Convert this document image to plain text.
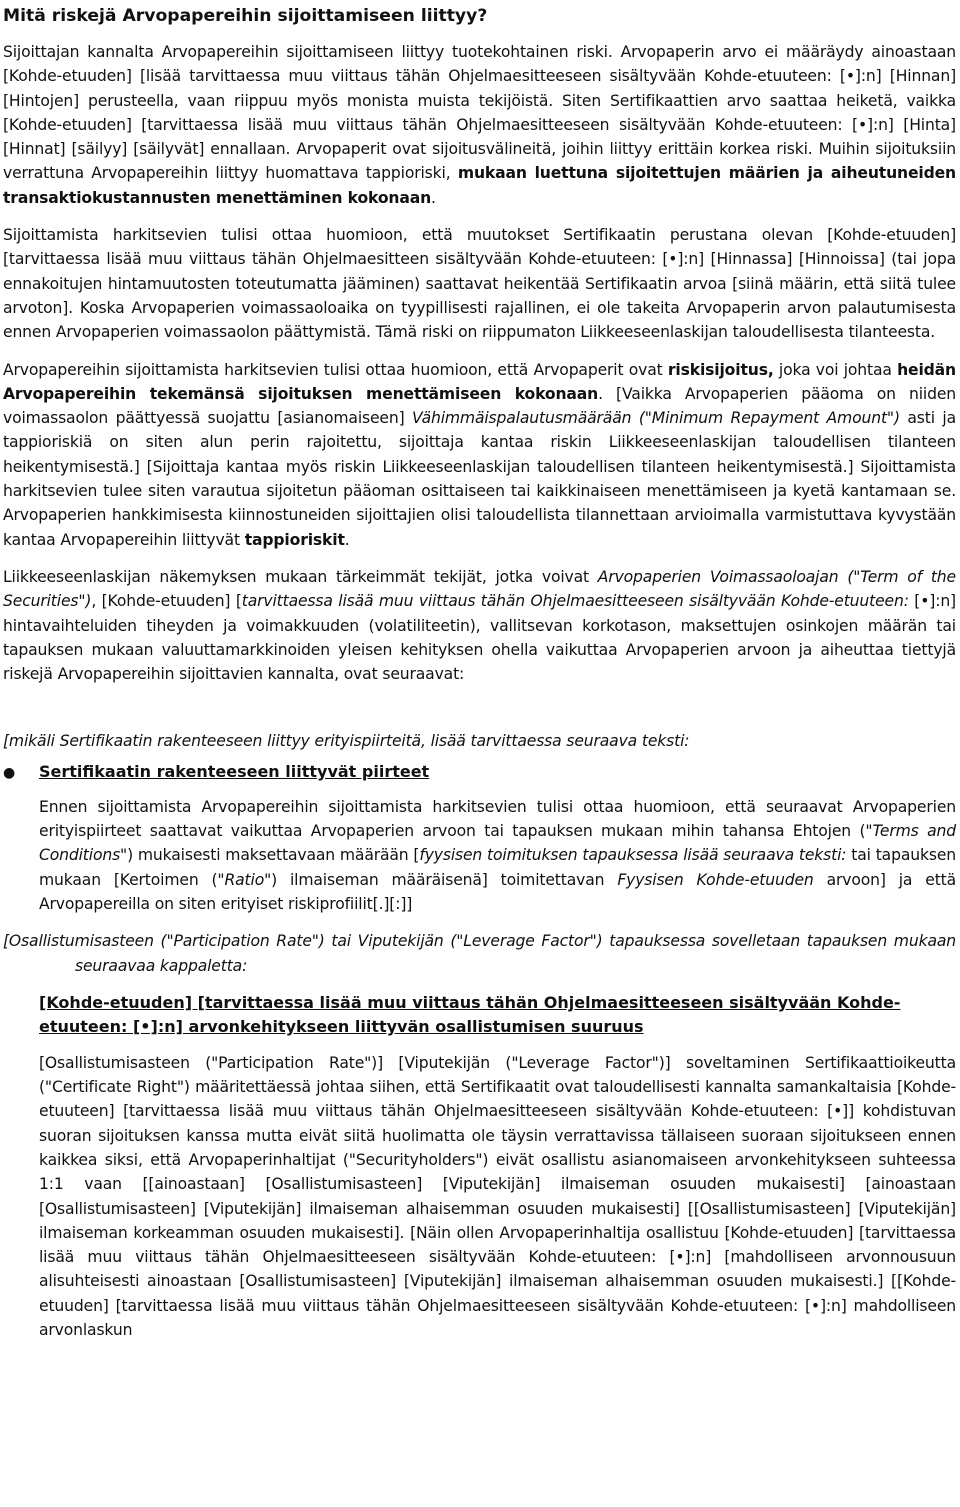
Mitä riskejä Arvopapereihin sijoittamiseen liittyy?
Sijoittajan kannalta Arvopapereihin sijoittamiseen liittyy tuotekohtainen riski. Arvopaperin arvo ei määräydy ainoastaan [Kohde-etuuden] [lisää tarvittaessa muu viittaus tähän Ohjelmaesitteeseen sisältyvään Kohde-etuuteen: [•]:n] [Hinnan] [Hintojen] perusteella, vaan riippuu myös monista muista tekijöistä. Siten Sertifikaattien arvo saattaa heiketä, vaikka [Kohde-etuuden] [tarvittaessa lisää muu viittaus tähän Ohjelmaesitteeseen sisältyvään Kohde-etuuteen: [•]:n] [Hinta] [Hinnat] [säilyy] [säilyvät] ennallaan. Arvopaperit ovat sijoitusvälineitä, joihin liittyy erittäin korkea riski. Muihin sijoituksiin verrattuna Arvopapereihin liittyy huomattava tappioriski, mukaan luettuna sijoitettujen määrien ja aiheutuneiden transaktiokustannusten menettäminen kokonaan.
Sijoittamista harkitsevien tulisi ottaa huomioon, että muutokset Sertifikaatin perustana olevan [Kohde-etuuden] [tarvittaessa lisää muu viittaus tähän Ohjelmaesitteen sisältyvään Kohde-etuuteen: [•]:n] [Hinnassa] [Hinnoissa] (tai jopa ennakoitujen hintamuutosten toteutumatta jääminen) saattavat heikentää Sertifikaatin arvoa [siinä määrin, että siitä tulee arvoton]. Koska Arvopaperien voimassaoloaika on tyypillisesti rajallinen, ei ole takeita Arvopaperin arvon palautumisesta ennen Arvopaperien voimassaolon päättymistä. Tämä riski on riippumaton Liikkeeseenlaskijan taloudellisesta tilanteesta.
Arvopapereihin sijoittamista harkitsevien tulisi ottaa huomioon, että Arvopaperit ovat riskisijoitus, joka voi johtaa heidän Arvopapereihin tekemänsä sijoituksen menettämiseen kokonaan. [Vaikka Arvopaperien pääoma on niiden voimassaolon päättyessä suojattu [asianomaiseen] Vähimmäispalautusmäärään ("Minimum Repayment Amount") asti ja tappioriskiä on siten alun perin rajoitettu, sijoittaja kantaa riskin Liikkeeseenlaskijan taloudellisen tilanteen heikentymisestä.] [Sijoittaja kantaa myös riskin Liikkeeseenlaskijan taloudellisen tilanteen heikentymisestä.] Sijoittamista harkitsevien tulee siten varautua sijoitetun pääoman osittaiseen tai kaikkinaiseen menettämiseen ja kyetä kantamaan se. Arvopaperien hankkimisesta kiinnostuneiden sijoittajien olisi taloudellista tilannettaan arvioimalla varmistuttava kyvystään kantaa Arvopapereihin liittyvät tappioriskit.
Liikkeeseenlaskijan näkemyksen mukaan tärkeimmät tekijät, jotka voivat Arvopaperien Voimassaoloajan ("Term of the Securities"), [Kohde-etuuden] [tarvittaessa lisää muu viittaus tähän Ohjelmaesitteeseen sisältyvään Kohde-etuuteen: [•]:n] hintavaihteluiden tiheyden ja voimakkuuden (volatiliteetin), vallitsevan korkotason, maksettujen osinkojen määrän tai tapauksen mukaan valuuttamarkkinoiden yleisen kehityksen ohella vaikuttaa Arvopaperien arvoon ja aiheuttaa tiettyjä riskejä Arvopapereihin sijoittavien kannalta, ovat seuraavat:
[mikäli Sertifikaatin rakenteeseen liittyy erityispiirteitä, lisää tarvittaessa seuraava teksti:
●	Sertifikaatin rakenteeseen liittyvät piirteet
Ennen sijoittamista Arvopapereihin sijoittamista harkitsevien tulisi ottaa huomioon, että seuraavat Arvopaperien erityispiirteet saattavat vaikuttaa Arvopaperien arvoon tai tapauksen mukaan mihin tahansa Ehtojen ("Terms and Conditions") mukaisesti maksettavaan määrään [fyysisen toimituksen tapauksessa lisää seuraava teksti: tai tapauksen mukaan [Kertoimen ("Ratio") ilmaiseman määräisenä] toimitettavan Fyysisen Kohde-etuuden arvoon] ja että Arvopapereilla on siten erityiset riskiprofiilit[.][:]]
[Osallistumisasteen ("Participation Rate") tai Viputekijän ("Leverage Factor") tapauksessa sovelletaan tapauksen mukaan seuraavaa kappaletta:
[Kohde-etuuden] [tarvittaessa lisää muu viittaus tähän Ohjelmaesitteeseen sisältyvään Kohde-etuuteen: [•]:n] arvonkehitykseen liittyvän osallistumisen suuruus
[Osallistumisasteen ("Participation Rate")] [Viputekijän ("Leverage Factor")] soveltaminen Sertifikaattioikeutta ("Certificate Right") määritettäessä johtaa siihen, että Sertifikaatit ovat taloudellisesti kannalta samankaltaisia [Kohde-etuuteen] [tarvittaessa lisää muu viittaus tähän Ohjelmaesitteeseen sisältyvään Kohde-etuuteen: [•]] kohdistuvan suoran sijoituksen kanssa mutta eivät siitä huolimatta ole täysin verrattavissa tällaiseen suoraan sijoitukseen ennen kaikkea siksi, että Arvopaperinhaltijat ("Securityholders") eivät osallistu asianomaiseen arvonkehitykseen suhteessa 1:1 vaan [[ainoastaan] [Osallistumisasteen] [Viputekijän] ilmaiseman osuuden mukaisesti] [ainoastaan [Osallistumisasteen] [Viputekijän] ilmaiseman alhaisemman osuuden mukaisesti] [[Osallistumisasteen] [Viputekijän] ilmaiseman korkeamman osuuden mukaisesti]. [Näin ollen Arvopaperinhaltija osallistuu [Kohde-etuuden] [tarvittaessa lisää muu viittaus tähän Ohjelmaesitteeseen sisältyvään Kohde-etuuteen: [•]:n] [mahdolliseen arvonnousuun alisuhteisesti ainoastaan [Osallistumisasteen] [Viputekijän] ilmaiseman alhaisemman osuuden mukaisesti.] [[Kohde-etuuden] [tarvittaessa lisää muu viittaus tähän Ohjelmaesitteeseen sisältyvään Kohde-etuuteen: [•]:n] mahdolliseen arvonlaskun
